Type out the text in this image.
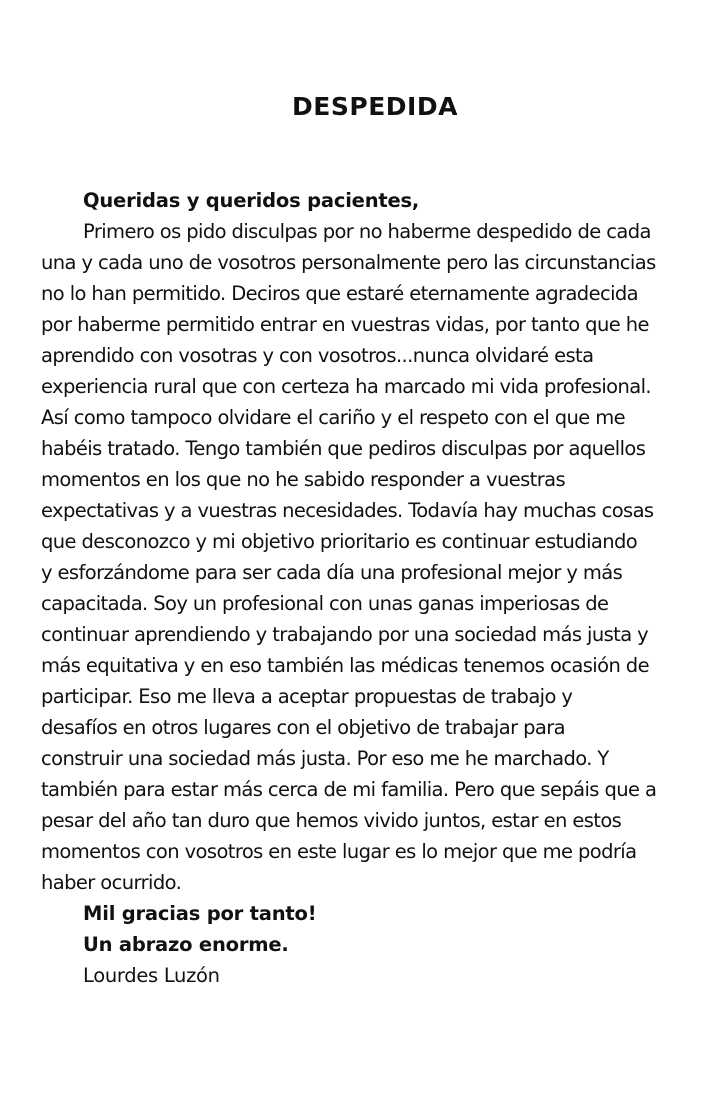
DESPEDIDA
Queridas y queridos pacientes,
Primero os pido disculpas por no haberme despedido de cada
una y cada uno de vosotros personalmente pero las circunstancias
no lo han permitido. Deciros que estaré eternamente agradecida
por haberme permitido entrar en vuestras vidas, por tanto que he
aprendido con vosotras y con vosotros...nunca olvidaré esta
experiencia rural que con certeza ha marcado mi vida profesional.
Así como tampoco olvidare el cariño y el respeto con el que me
habéis tratado. Tengo también que pediros disculpas por aquellos
momentos en los que no he sabido responder a vuestras
expectativas y a vuestras necesidades. Todavía hay muchas cosas
que desconozco y mi objetivo prioritario es continuar estudiando
y esforzándome para ser cada día una profesional mejor y más
capacitada. Soy un profesional con unas ganas imperiosas de
continuar aprendiendo y trabajando por una sociedad más justa y
más equitativa y en eso también las médicas tenemos ocasión de
participar. Eso me lleva a aceptar propuestas de trabajo y
desafíos en otros lugares con el objetivo de trabajar para
construir una sociedad más justa. Por eso me he marchado. Y
también para estar más cerca de mi familia. Pero que sepáis que a
pesar del año tan duro que hemos vivido juntos, estar en estos
momentos con vosotros en este lugar es lo mejor que me podría
haber ocurrido.
Mil gracias por tanto!
Un abrazo enorme.
Lourdes Luzón
